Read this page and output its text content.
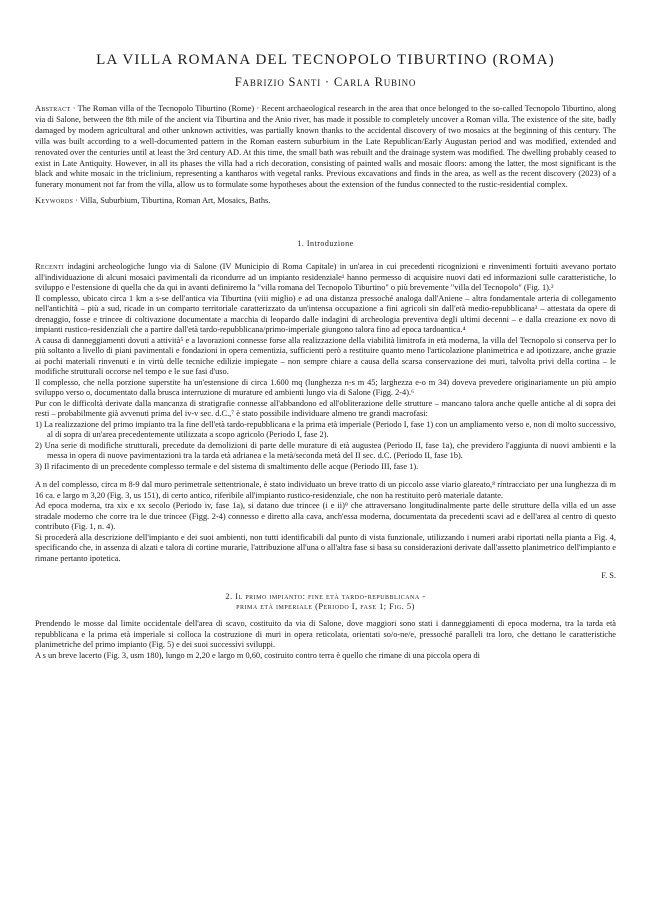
LA VILLA ROMANA DEL TECNOPOLO TIBURTINO (ROMA)
Fabrizio Santi · Carla Rubino
Abstract · The Roman villa of the Tecnopolo Tiburtino (Rome) · Recent archaeological research in the area that once belonged to the so-called Tecnopolo Tiburtino, along via di Salone, between the 8th mile of the ancient via Tiburtina and the Anio river, has made it possible to completely uncover a Roman villa. The existence of the site, badly damaged by modern agricultural and other unknown activities, was partially known thanks to the accidental discovery of two mosaics at the beginning of this century. The villa was built according to a well-documented pattern in the Roman eastern suburbium in the Late Republican/Early Augustan period and was modified, extended and renovated over the centuries until at least the 3rd century AD. At this time, the small bath was rebuilt and the drainage system was modified. The dwelling probably ceased to exist in Late Antiquity. However, in all its phases the villa had a rich decoration, consisting of painted walls and mosaic floors: among the latter, the most significant is the black and white mosaic in the triclinium, representing a kantharos with vegetal ranks. Previous excavations and finds in the area, as well as the recent discovery (2023) of a funerary monument not far from the villa, allow us to formulate some hypotheses about the extension of the fundus connected to the rustic-residential complex.
Keywords · Villa, Suburbium, Tiburtina, Roman Art, Mosaics, Baths.
1. Introduzione

Recenti indagini archeologiche lungo via di Salone (IV Municipio di Roma Capitale) in un'area in cui precedenti ricognizioni e rinvenimenti fortuiti avevano portato all'individuazione di alcuni mosaici pavimentali da ricondurre ad un impianto residenziale¹ hanno permesso di acquisire nuovi dati ed informazioni sulle caratteristiche, lo sviluppo e l'estensione di quella che da qui in avanti definiremo la "villa romana del Tecnopolo Tiburtino" o più brevemente "villa del Tecnopolo" (Fig. 1).²

Il complesso, ubicato circa 1 km a s-se dell'antica via Tiburtina (viii miglio) e ad una distanza pressoché analoga dall'Aniene – altra fondamentale arteria di collegamento nell'antichità – più a sud, ricade in un comparto territoriale caratterizzato da un'intensa occupazione a fini agricoli sin dall'età medio-repubblicana³ – attestata da opere di drenaggio, fosse e trincee di coltivazione documentate a macchia di leopardo dalle indagini di archeologia preventiva degli ultimi decenni – e dalla creazione ex novo di impianti rustico-residenziali che a partire dall'età tardo-repubblicana/primo-imperiale giungono talora fino ad epoca tardoantica.⁴

A causa di danneggiamenti dovuti a attività⁵ e a lavorazioni connesse forse alla realizzazione della viabilità limitrofa in età moderna, la villa del Tecnopolo si conserva per lo più soltanto a livello di piani pavimentali e fondazioni in opera cementizia, sufficienti però a restituire quanto meno l'articolazione planimetrica e ad ipotizzare, anche grazie ai pochi materiali rinvenuti e in virtù delle tecniche edilizie impiegate – non sempre chiare a causa della scarsa conservazione dei muri, talvolta privi della cortina – le modifiche strutturali occorse nel tempo e le sue fasi d'uso.

Il complesso, che nella porzione superstite ha un'estensione di circa 1.600 mq (lunghezza n-s m 45; larghezza e-o m 34) doveva prevedere originariamente un più ampio sviluppo verso o, documentato dalla brusca interruzione di murature ed ambienti lungo via di Salone (Figg. 2-4).⁶

Pur con le difficoltà derivate dalla mancanza di stratigrafie connesse all'abbandono ed all'obliterazione delle strutture – mancano talora anche quelle antiche al di sopra dei resti – probabilmente già avvenuti prima del iv-v sec. d.C.,⁷ è stato possibile individuare almeno tre grandi macrofasi:

1) La realizzazione del primo impianto tra la fine dell'età tardo-repubblicana e la prima età imperiale (Periodo I, fase 1) con un ampliamento verso e, non di molto successivo, al di sopra di un'area precedentemente utilizzata a scopo agricolo (Periodo I, fase 2).
2) Una serie di modifiche strutturali, precedute da demolizioni di parte delle murature di età augustea (Periodo II, fase 1a), che previdero l'aggiunta di nuovi ambienti e la messa in opera di nuove pavimentazioni tra la tarda età adrianea e la metà/seconda metà del II sec. d.C. (Periodo II, fase 1b).
3) Il rifacimento di un precedente complesso termale e del sistema di smaltimento delle acque (Periodo III, fase 1).

A n del complesso, circa m 8-9 dal muro perimetrale settentrionale, è stato individuato un breve tratto di un piccolo asse viario glareato,⁸ rintracciato per una lunghezza di m 16 ca. e largo m 3,20 (Fig. 3, us 151), di certo antico, riferibile all'impianto rustico-residenziale, che non ha restituito però materiale datante.

Ad epoca moderna, tra xix e xx secolo (Periodo iv, fase 1a), si datano due trincee (i e ii)⁹ che attraversano longitudinalmente parte delle strutture della villa ed un asse stradale moderno che corre tra le due trincee (Figg. 2-4) connesso e diretto alla cava, anch'essa moderna, documentata da precedenti scavi ad e dell'area al centro di questo contributo (Fig. 1, n. 4).

Si procederà alla descrizione dell'impianto e dei suoi ambienti, non tutti identificabili dal punto di vista funzionale, utilizzando i numeri arabi riportati nella pianta a Fig. 4, specificando che, in assenza di alzati e talora di cortine murarie, l'attribuzione all'una o all'altra fase si basa su considerazioni derivate dall'assetto planimetrico dell'impianto e rimane pertanto ipotetica.

F. S.
2. Il primo impianto: fine età tardo-repubblicana -
prima età imperiale (Periodo I, fase 1; Fig. 5)

Prendendo le mosse dal limite occidentale dell'area di scavo, costituito da via di Salone, dove maggiori sono stati i danneggiamenti di epoca moderna, tra la tarda età repubblicana e la prima età imperiale si colloca la costruzione di muri in opera reticolata, orientati so/o-ne/e, pressoché paralleli tra loro, che dettano le caratteristiche planimetriche del primo impianto (Fig. 5) e dei suoi successivi sviluppi.

A s un breve lacerto (Fig. 3, usm 180), lungo m 2,20 e largo m 0,60, costruito contro terra è quello che rimane di una piccola opera di
